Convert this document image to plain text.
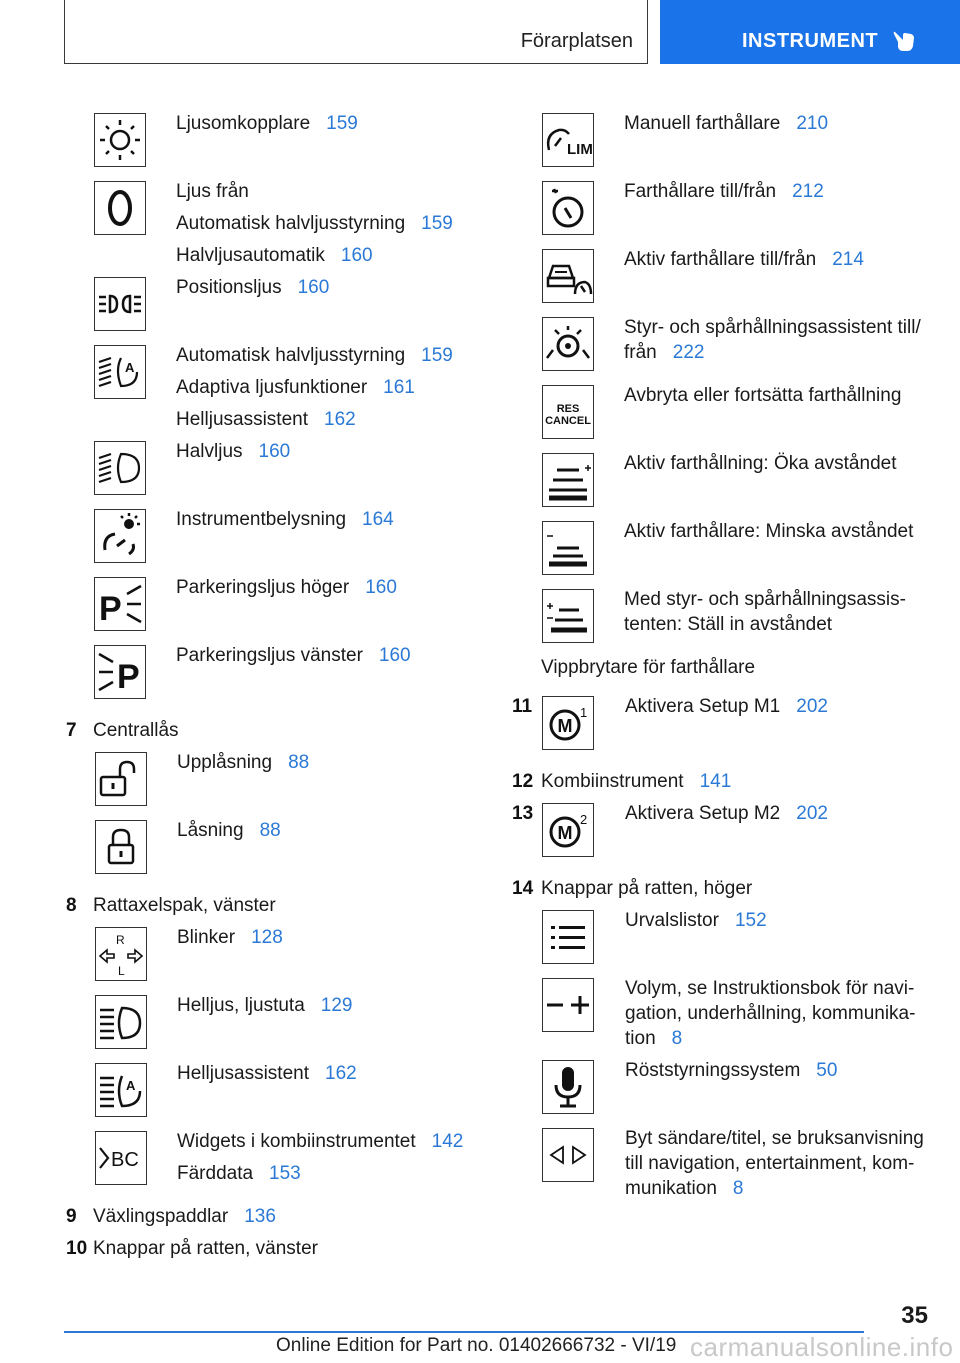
Förarplatsen	INSTRUMENT
Ljusomkopplare 159
Ljus från
Automatisk halvljusstyrning 159
Halvljusautomatik 160
Positionsljus 160
A
Automatisk halvljusstyrning 159
Adaptiva ljusfunktioner 161
Helljusassistent 162
Halvljus 160
Instrumentbelysning 164
P
Parkeringsljus höger 160
P
Parkeringsljus vänster 160
7 Centrallås
Upplåsning 88
Låsning 88
8 Rattaxelspak, vänster
R
L
Blinker 128
Helljus, ljustuta 129
A
Helljusassistent 162
BC
Widgets i kombiinstrumentet 142
Färddata 153
9 Växlingspaddlar 136
10 Knappar på ratten, vänster
LIM
Manuell farthållare 210
Farthållare till/från 212
Aktiv farthållare till/från 214
Styr- och spårhållningsassistent till/
från 222
RES
CANCEL
Avbryta eller fortsätta farthållning
Aktiv farthållning: Öka avståndet
Aktiv farthållare: Minska avståndet
Med styr- och spårhållningsassis-
tenten: Ställ in avståndet
Vippbrytare för farthållare
11
M
1 Aktivera Setup M1 202
12 Kombiinstrument 141
13
M
2 Aktivera Setup M2 202
14 Knappar på ratten, höger
Urvalslistor 152
Volym, se Instruktionsbok för navi-
gation, underhållning, kommunika-
tion 8
Röststyrningssystem 50
Byt sändare/titel, se bruksanvisning
till navigation, entertainment, kom-
munikation 8
35
Online Edition for Part no. 01402666732 - VI/19 carmanualsonline.info
